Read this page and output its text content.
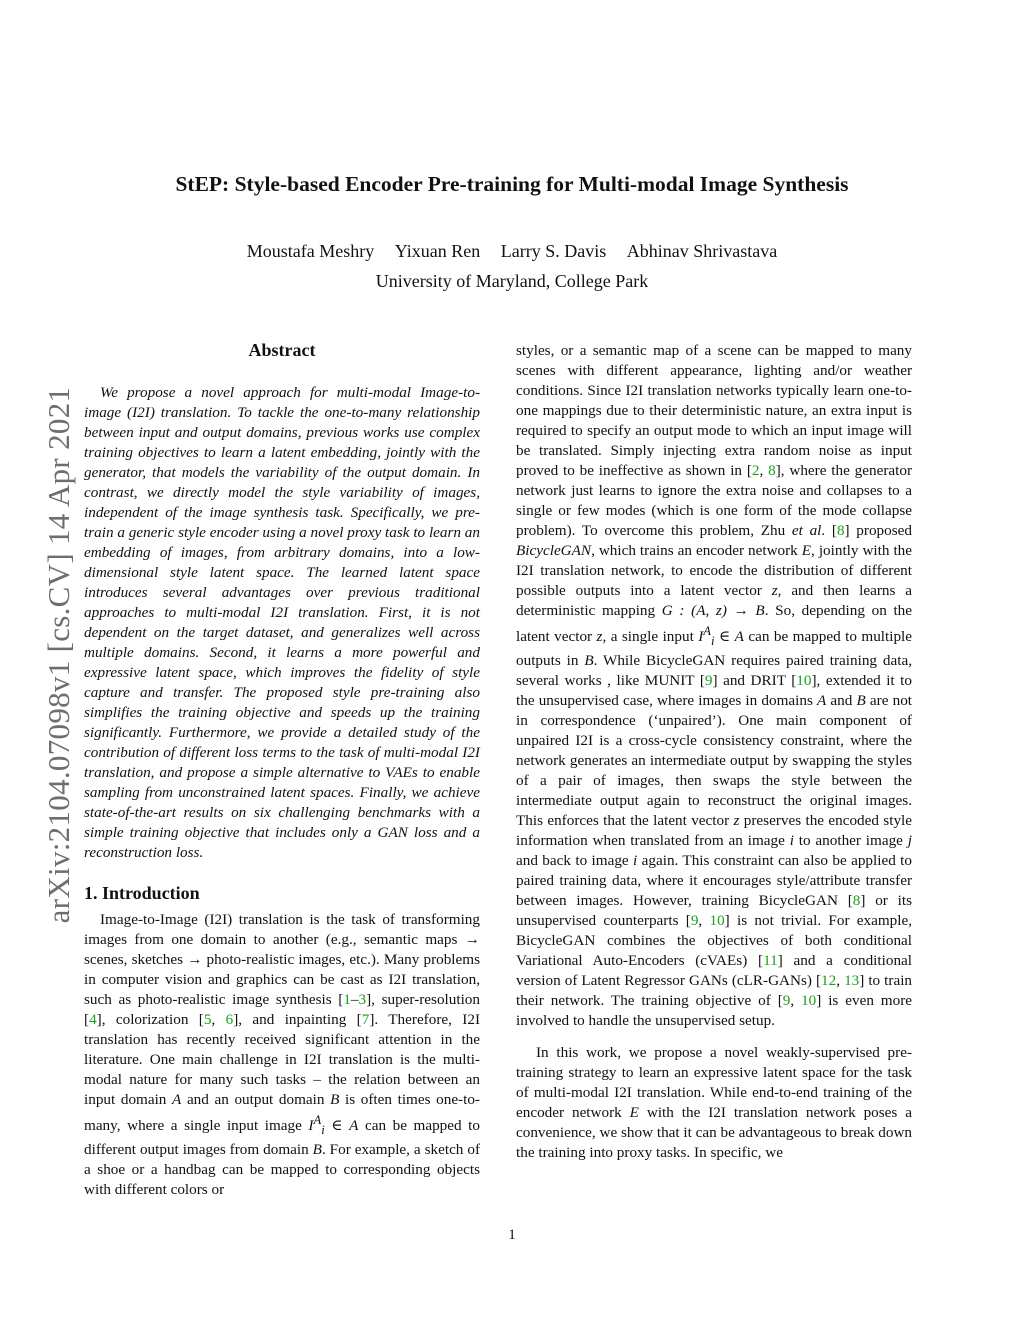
arXiv:2104.07098v1 [cs.CV] 14 Apr 2021
StEP: Style-based Encoder Pre-training for Multi-modal Image Synthesis
Moustafa Meshry Yixuan Ren Larry S. Davis Abhinav Shrivastava
University of Maryland, College Park
Abstract

We propose a novel approach for multi-modal Image-to-image (I2I) translation. To tackle the one-to-many relationship between input and output domains, previous works use complex training objectives to learn a latent embedding, jointly with the generator, that models the variability of the output domain. In contrast, we directly model the style variability of images, independent of the image synthesis task. Specifically, we pre-train a generic style encoder using a novel proxy task to learn an embedding of images, from arbitrary domains, into a low-dimensional style latent space. The learned latent space introduces several advantages over previous traditional approaches to multi-modal I2I translation. First, it is not dependent on the target dataset, and generalizes well across multiple domains. Second, it learns a more powerful and expressive latent space, which improves the fidelity of style capture and transfer. The proposed style pre-training also simplifies the training objective and speeds up the training significantly. Furthermore, we provide a detailed study of the contribution of different loss terms to the task of multi-modal I2I translation, and propose a simple alternative to VAEs to enable sampling from unconstrained latent spaces. Finally, we achieve state-of-the-art results on six challenging benchmarks with a simple training objective that includes only a GAN loss and a reconstruction loss.

1. Introduction

Image-to-Image (I2I) translation is the task of transforming images from one domain to another (e.g., semantic maps → scenes, sketches → photo-realistic images, etc.). Many problems in computer vision and graphics can be cast as I2I translation, such as photo-realistic image synthesis [1–3], super-resolution [4], colorization [5, 6], and inpainting [7]. Therefore, I2I translation has recently received significant attention in the literature. One main challenge in I2I translation is the multi-modal nature for many such tasks – the relation between an input domain A and an output domain B is often times one-to-many, where a single input image $I^A_i$ ∈ A can be mapped to different output images from domain B. For example, a sketch of a shoe or a handbag can be mapped to corresponding objects with different colors or

styles, or a semantic map of a scene can be mapped to many scenes with different appearance, lighting and/or weather conditions. Since I2I translation networks typically learn one-to-one mappings due to their deterministic nature, an extra input is required to specify an output mode to which an input image will be translated. Simply injecting extra random noise as input proved to be ineffective as shown in [2, 8], where the generator network just learns to ignore the extra noise and collapses to a single or few modes (which is one form of the mode collapse problem). To overcome this problem, Zhu et al. [8] proposed BicycleGAN, which trains an encoder network E, jointly with the I2I translation network, to encode the distribution of different possible outputs into a latent vector z, and then learns a deterministic mapping G : (A, z) → B. So, depending on the latent vector z, a single input $I^A_i$ ∈ A can be mapped to multiple outputs in B. While BicycleGAN requires paired training data, several works , like MUNIT [9] and DRIT [10], extended it to the unsupervised case, where images in domains A and B are not in correspondence (‘unpaired’). One main component of unpaired I2I is a cross-cycle consistency constraint, where the network generates an intermediate output by swapping the styles of a pair of images, then swaps the style between the intermediate output again to reconstruct the original images. This enforces that the latent vector z preserves the encoded style information when translated from an image i to another image j and back to image i again. This constraint can also be applied to paired training data, where it encourages style/attribute transfer between images. However, training BicycleGAN [8] or its unsupervised counterparts [9, 10] is not trivial. For example, BicycleGAN combines the objectives of both conditional Variational Auto-Encoders (cVAEs) [11] and a conditional version of Latent Regressor GANs (cLR-GANs) [12, 13] to train their network. The training objective of [9, 10] is even more involved to handle the unsupervised setup.

In this work, we propose a novel weakly-supervised pre-training strategy to learn an expressive latent space for the task of multi-modal I2I translation. While end-to-end training of the encoder network E with the I2I translation network poses a convenience, we show that it can be advantageous to break down the training into proxy tasks. In specific, we

1
